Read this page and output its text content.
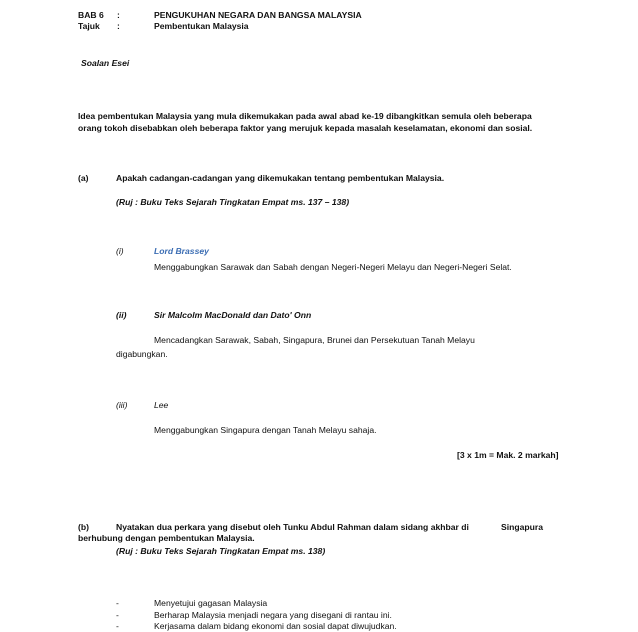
BAB 6 :	PENGUKUHAN NEGARA DAN BANGSA MALAYSIA
Tajuk :	Pembentukan Malaysia
Soalan Esei
Idea pembentukan Malaysia yang mula dikemukakan pada awal abad ke-19 dibangkitkan semula oleh beberapa
orang tokoh disebabkan oleh beberapa faktor yang merujuk kepada masalah keselamatan, ekonomi dan sosial.
(a)	Apakah cadangan-cadangan yang dikemukakan tentang pembentukan Malaysia.
(Ruj : Buku Teks Sejarah Tingkatan Empat ms. 137 – 138)
(i)	Lord Brassey
Menggabungkan Sarawak dan Sabah dengan Negeri-Negeri Melayu dan Negeri-Negeri Selat.
(ii)	Sir Malcolm MacDonald dan Dato' Onn
Mencadangkan Sarawak, Sabah, Singapura, Brunei dan Persekutuan Tanah Melayu
digabungkan.
(iii)	Lee
Menggabungkan Singapura dengan Tanah Melayu sahaja.
[3 x 1m = Mak. 2 markah]
(b)	Nyatakan dua perkara yang disebut oleh Tunku Abdul Rahman dalam sidang akhbar di	Singapura
berhubung dengan pembentukan Malaysia.
(Ruj : Buku Teks Sejarah Tingkatan Empat ms. 138)
-	Menyetujui gagasan Malaysia
-	Berharap Malaysia menjadi negara yang disegani di rantau ini.
-	Kerjasama dalam bidang ekonomi dan sosial dapat diwujudkan.
